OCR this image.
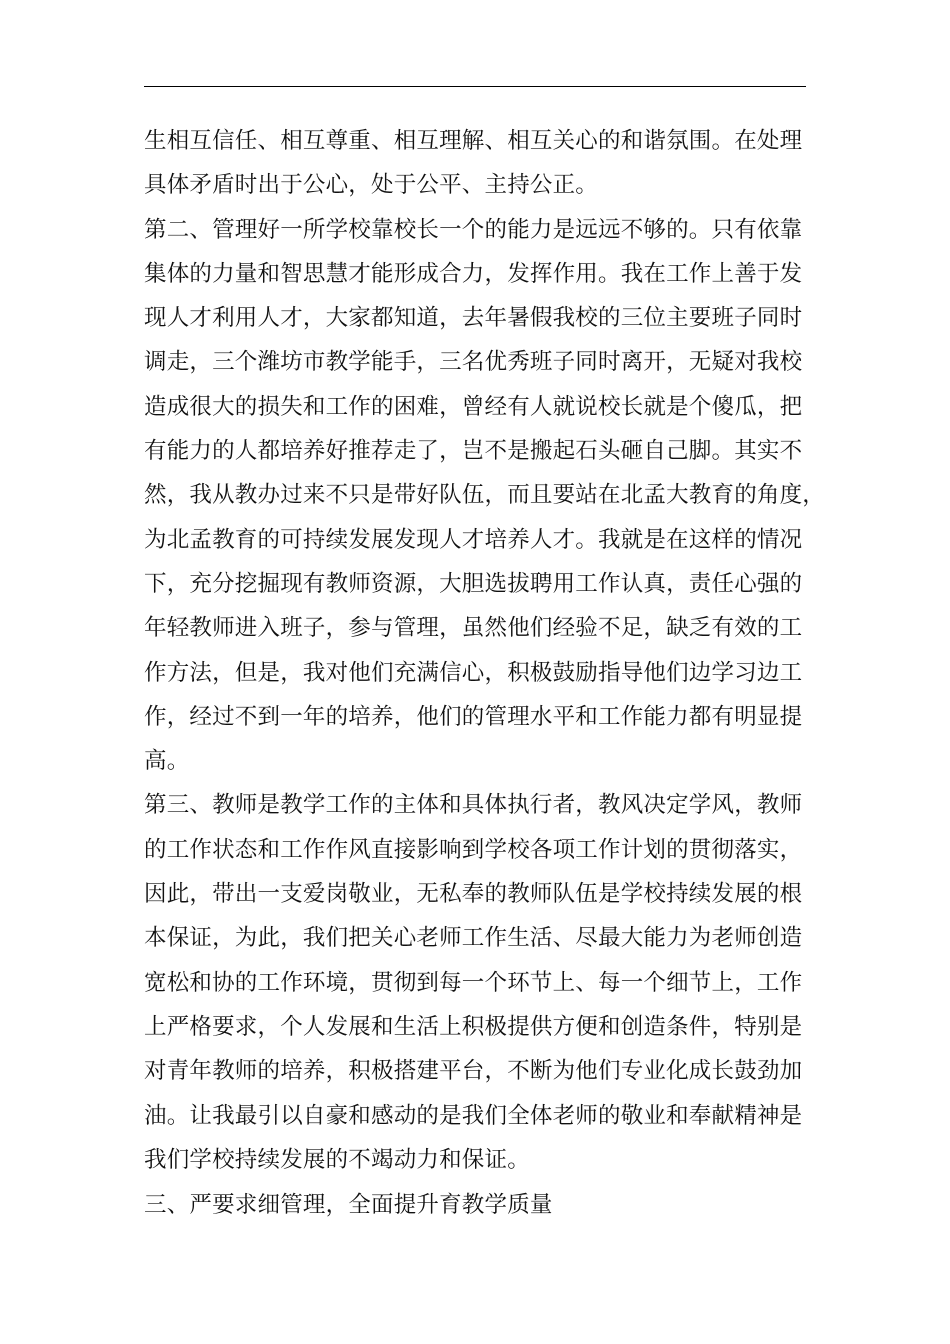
生相互信任、相互尊重、相互理解、相互关心的和谐氛围。在处理
具体矛盾时出于公心，处于公平、主持公正。
第二、管理好一所学校靠校长一个的能力是远远不够的。只有依靠
集体的力量和智思慧才能形成合力，发挥作用。我在工作上善于发
现人才利用人才，大家都知道，去年暑假我校的三位主要班子同时
调走，三个潍坊市教学能手，三名优秀班子同时离开，无疑对我校
造成很大的损失和工作的困难，曾经有人就说校长就是个傻瓜，把
有能力的人都培养好推荐走了，岂不是搬起石头砸自己脚。其实不
然，我从教办过来不只是带好队伍，而且要站在北孟大教育的角度，
为北孟教育的可持续发展发现人才培养人才。我就是在这样的情况
下，充分挖掘现有教师资源，大胆选拔聘用工作认真，责任心强的
年轻教师进入班子，参与管理，虽然他们经验不足，缺乏有效的工
作方法，但是，我对他们充满信心，积极鼓励指导他们边学习边工
作，经过不到一年的培养，他们的管理水平和工作能力都有明显提
高。
第三、教师是教学工作的主体和具体执行者，教风决定学风，教师
的工作状态和工作作风直接影响到学校各项工作计划的贯彻落实，
因此，带出一支爱岗敬业，无私奉的教师队伍是学校持续发展的根
本保证，为此，我们把关心老师工作生活、尽最大能力为老师创造
宽松和协的工作环境，贯彻到每一个环节上、每一个细节上，工作
上严格要求，个人发展和生活上积极提供方便和创造条件，特别是
对青年教师的培养，积极搭建平台，不断为他们专业化成长鼓劲加
油。让我最引以自豪和感动的是我们全体老师的敬业和奉献精神是
我们学校持续发展的不竭动力和保证。
三、严要求细管理，全面提升育教学质量
